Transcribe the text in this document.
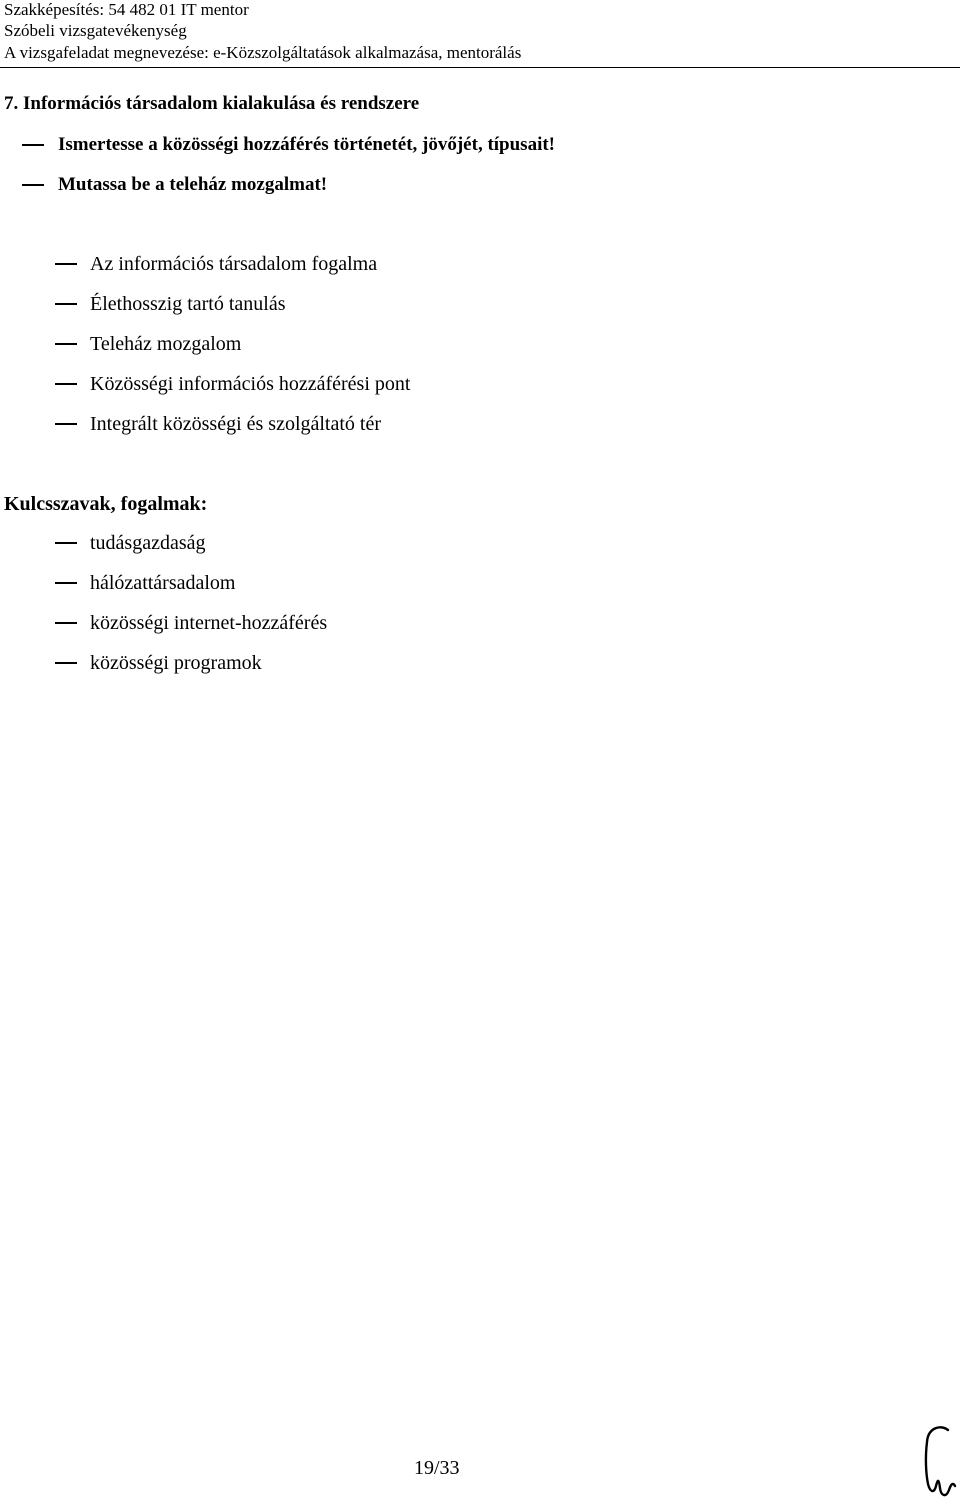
Szakképesítés: 54 482 01 IT mentor
Szóbeli vizsgatevékenység
A vizsgafeladat megnevezése: e-Közszolgáltatások alkalmazása, mentorálás
7. Információs társadalom kialakulása és rendszere
Ismertesse a közösségi hozzáférés történetét, jövőjét, típusait!
Mutassa be a teleház mozgalmat!
Az információs társadalom fogalma
Élethosszig tartó tanulás
Teleház mozgalom
Közösségi információs hozzáférési pont
Integrált közösségi és szolgáltató tér
Kulcsszavak, fogalmak:
tudásgazdaság
hálózattársadalom
közösségi internet-hozzáférés
közösségi programok
19/33
